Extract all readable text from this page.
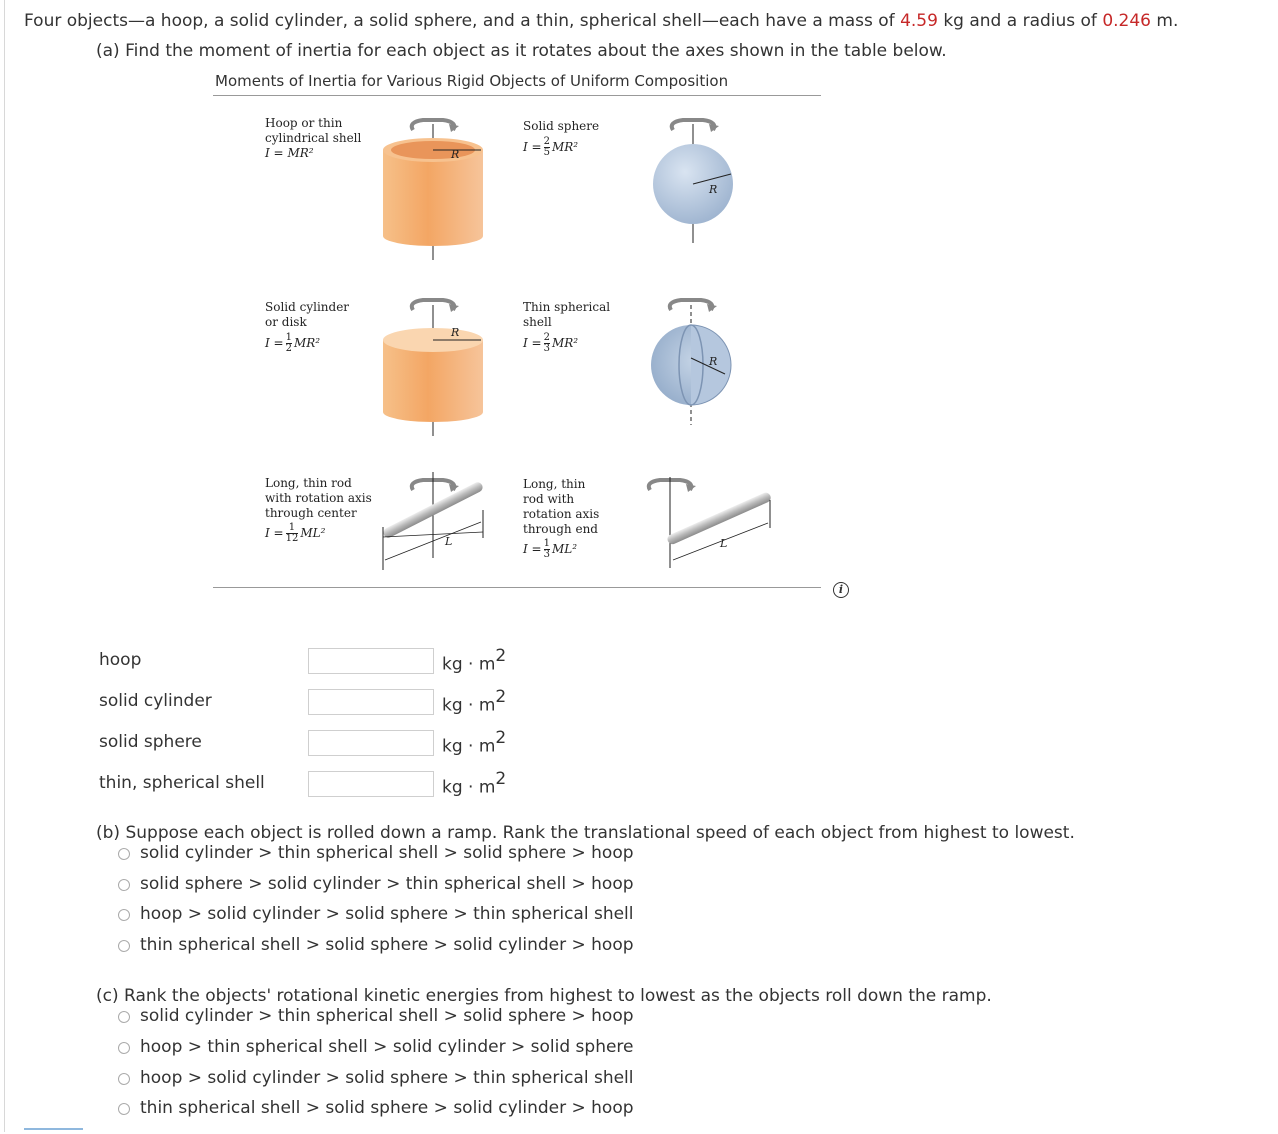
Four objects—a hoop, a solid cylinder, a solid sphere, and a thin, spherical shell—each have a mass of 4.59 kg and a radius of 0.246 m.
(a) Find the moment of inertia for each object as it rotates about the axes shown in the table below.
Moments of Inertia for Various Rigid Objects of Uniform Composition
Hoop or thin
cylindrical shell
I = MR²
Solid sphere
$I = \frac{2}{5} MR^2$
Solid cylinder
or disk
$I = \frac{1}{2} MR^2$
Thin spherical
shell
$I = \frac{2}{3} MR^2$
Long, thin rod
with rotation axis
through center
$I = \frac{1}{12} ML^2$
Long, thin
rod with
rotation axis
through end
$I = \frac{1}{3} ML^2$
R
R
R
R
L	L
i
hoop	kg · $m^2$
solid cylinder	kg · $m^2$
solid sphere	kg · $m^2$
thin, spherical shell	kg · $m^2$
(b) Suppose each object is rolled down a ramp. Rank the translational speed of each object from highest to lowest.
solid cylinder > thin spherical shell > solid sphere > hoop
solid sphere > solid cylinder > thin spherical shell > hoop
hoop > solid cylinder > solid sphere > thin spherical shell
thin spherical shell > solid sphere > solid cylinder > hoop
(c) Rank the objects' rotational kinetic energies from highest to lowest as the objects roll down the ramp.
solid cylinder > thin spherical shell > solid sphere > hoop
hoop > thin spherical shell > solid cylinder > solid sphere
hoop > solid cylinder > solid sphere > thin spherical shell
thin spherical shell > solid sphere > solid cylinder > hoop
